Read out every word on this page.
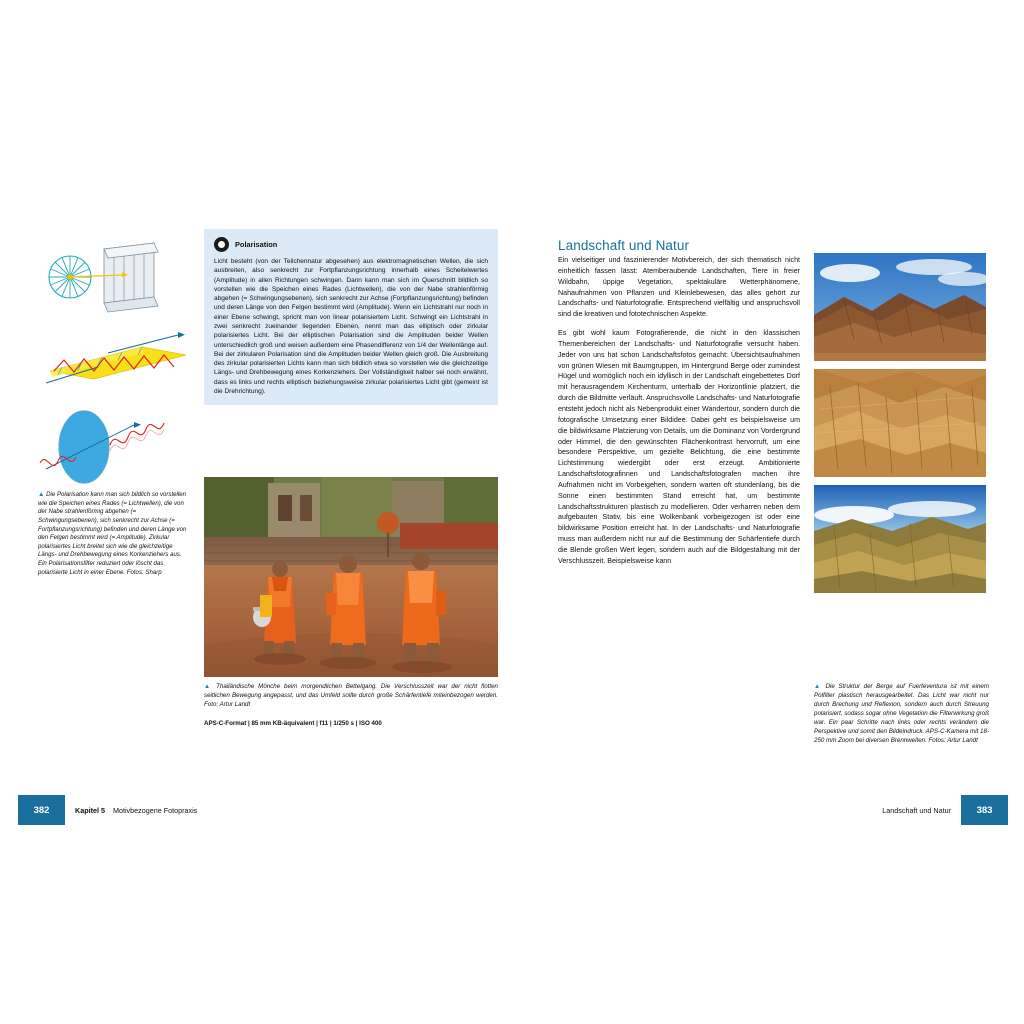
▲ Die Polarisation kann man sich bildlich so vorstellen wie die Speichen eines Rades (= Lichtwellen), die von der Nabe strahlenförmig abgehen (= Schwingungsebenen), sich senkrecht zur Achse (= Fortpflanzungsrichtung) befinden und deren Länge von den Felgen bestimmt wird (= Amplitude). Zirkular polarisiertes Licht breitet sich wie die gleichzeitige Längs- und Drehbewegung eines Korkenziehers aus. Ein Polarisationsfilter reduziert oder löscht das polarisierte Licht in einer Ebene. Fotos: Sharp
Polarisation
Licht besteht (von der Teilchennatur abgesehen) aus elektromagnetischen Wellen, die sich ausbreiten, also senkrecht zur Fortpflanzungsrichtung innerhalb eines Scheitelwertes (Amplitude) in allen Richtungen schwingen. Dann kann man sich im Querschnitt bildlich so vorstellen wie die Speichen eines Rades (Lichtwellen), die von der Nabe strahlenförmig abgehen (= Schwingungsebenen), sich senkrecht zur Achse (Fortpflanzungsrichtung) befinden und deren Länge von den Felgen bestimmt wird (Amplitude). Wenn ein Lichtstrahl nur noch in einer Ebene schwingt, spricht man von linear polarisiertem Licht. Schwingt ein Lichtstrahl in zwei senkrecht zueinander liegenden Ebenen, nennt man das elliptisch oder zirkular polarisiertes Licht. Bei der elliptischen Polarisation sind die Amplituden beider Wellen unterschiedlich groß und weisen außerdem eine Phasendifferenz von 1/4 der Wellenlänge auf. Bei der zirkularen Polarisation sind die Amplituden beider Wellen gleich groß. Die Ausbreitung des zirkular polarisierten Lichts kann man sich bildlich etwa so vorstellen wie die gleichzeitige Längs- und Drehbewegung eines Korkenziehers. Der Vollständigkeit halber sei noch erwähnt, dass es links und rechts elliptisch beziehungsweise zirkular polarisiertes Licht gibt (gemeint ist die Drehrichtung).
▲ Thailändische Mönche beim morgendlichen Bettelgang. Die Verschlusszeit war der nicht flotten seitlichen Bewegung angepasst, und das Umfeld sollte durch große Schärfentiefe miteinbezogen werden. Foto: Artur Landt
APS-C-Format | 85 mm KB-äquivalent | f11 | 1/250 s | ISO 400
Landschaft und Natur

Ein vielseitiger und faszinierender Motivbereich, der sich thematisch nicht einheitlich fassen lässt: Atemberaubende Landschaften, Tiere in freier Wildbahn, üppige Vegetation, spektakuläre Wetterphänomene, Nahaufnahmen von Pflanzen und Kleinlebewesen, das alles gehört zur Landschafts- und Naturfotografie. Entsprechend vielfältig und anspruchsvoll sind die kreativen und fototechnischen Aspekte.

Es gibt wohl kaum Fotografierende, die nicht in den klassischen Themenbereichen der Landschafts- und Naturfotografie versucht haben. Jeder von uns hat schon Landschaftsfotos gemacht: Übersichtsaufnahmen von grünen Wiesen mit Baumgruppen, im Hintergrund Berge oder zumindest Hügel und womöglich noch ein idyllisch in der Landschaft eingebettetes Dorf mit herausragendem Kirchenturm, unterhalb der Horizontlinie platziert, die durch die Bildmitte verläuft. Anspruchsvolle Landschafts- und Naturfotografie entsteht jedoch nicht als Nebenprodukt einer Wandertour, sondern durch die fotografische Umsetzung einer Bildidee. Dabei geht es beispielsweise um die bildwirksame Platzierung von Details, um die Dominanz von Vordergrund oder Himmel, die den gewünschten Flächenkontrast hervorruft, um eine besondere Perspektive, um gezielte Belichtung, die eine bestimmte Lichtstimmung wiedergibt oder erst erzeugt. Ambitionierte Landschaftsfotografinnen und Landschaftsfotografen machen ihre Aufnahmen nicht im Vorbeigehen, sondern warten oft stundenlang, bis die Sonne einen bestimmten Stand erreicht hat, um bestimmte Landschaftsstrukturen plastisch zu modellieren. Oder verharren neben dem aufgebauten Stativ, bis eine Wolkenbank vorbeigezogen ist oder eine bildwirksame Position erreicht hat. In der Landschafts- und Naturfotografie muss man außerdem nicht nur auf die Bestimmung der Schärfentiefe durch die Blende großen Wert legen, sondern auch auf die Bildgestaltung mit der Verschlusszeit. Beispielsweise kann

▲ Die Struktur der Berge auf Fuerteventura ist mit einem Polfilter plastisch herausgearbeitet. Das Licht war nicht nur durch Brechung und Reflexion, sondern auch durch Streuung polarisiert, sodass sogar ohne Vegetation die Filterwirkung groß war. Ein paar Schritte nach links oder rechts verändern die Perspektive und somit den Bildeindruck. APS-C-Kamera mit 18-250 mm Zoom bei diversen Brennweiten. Fotos: Artur Landt
382	Kapitel 5 Motivbezogene Fotopraxis	Landschaft und Natur	383
